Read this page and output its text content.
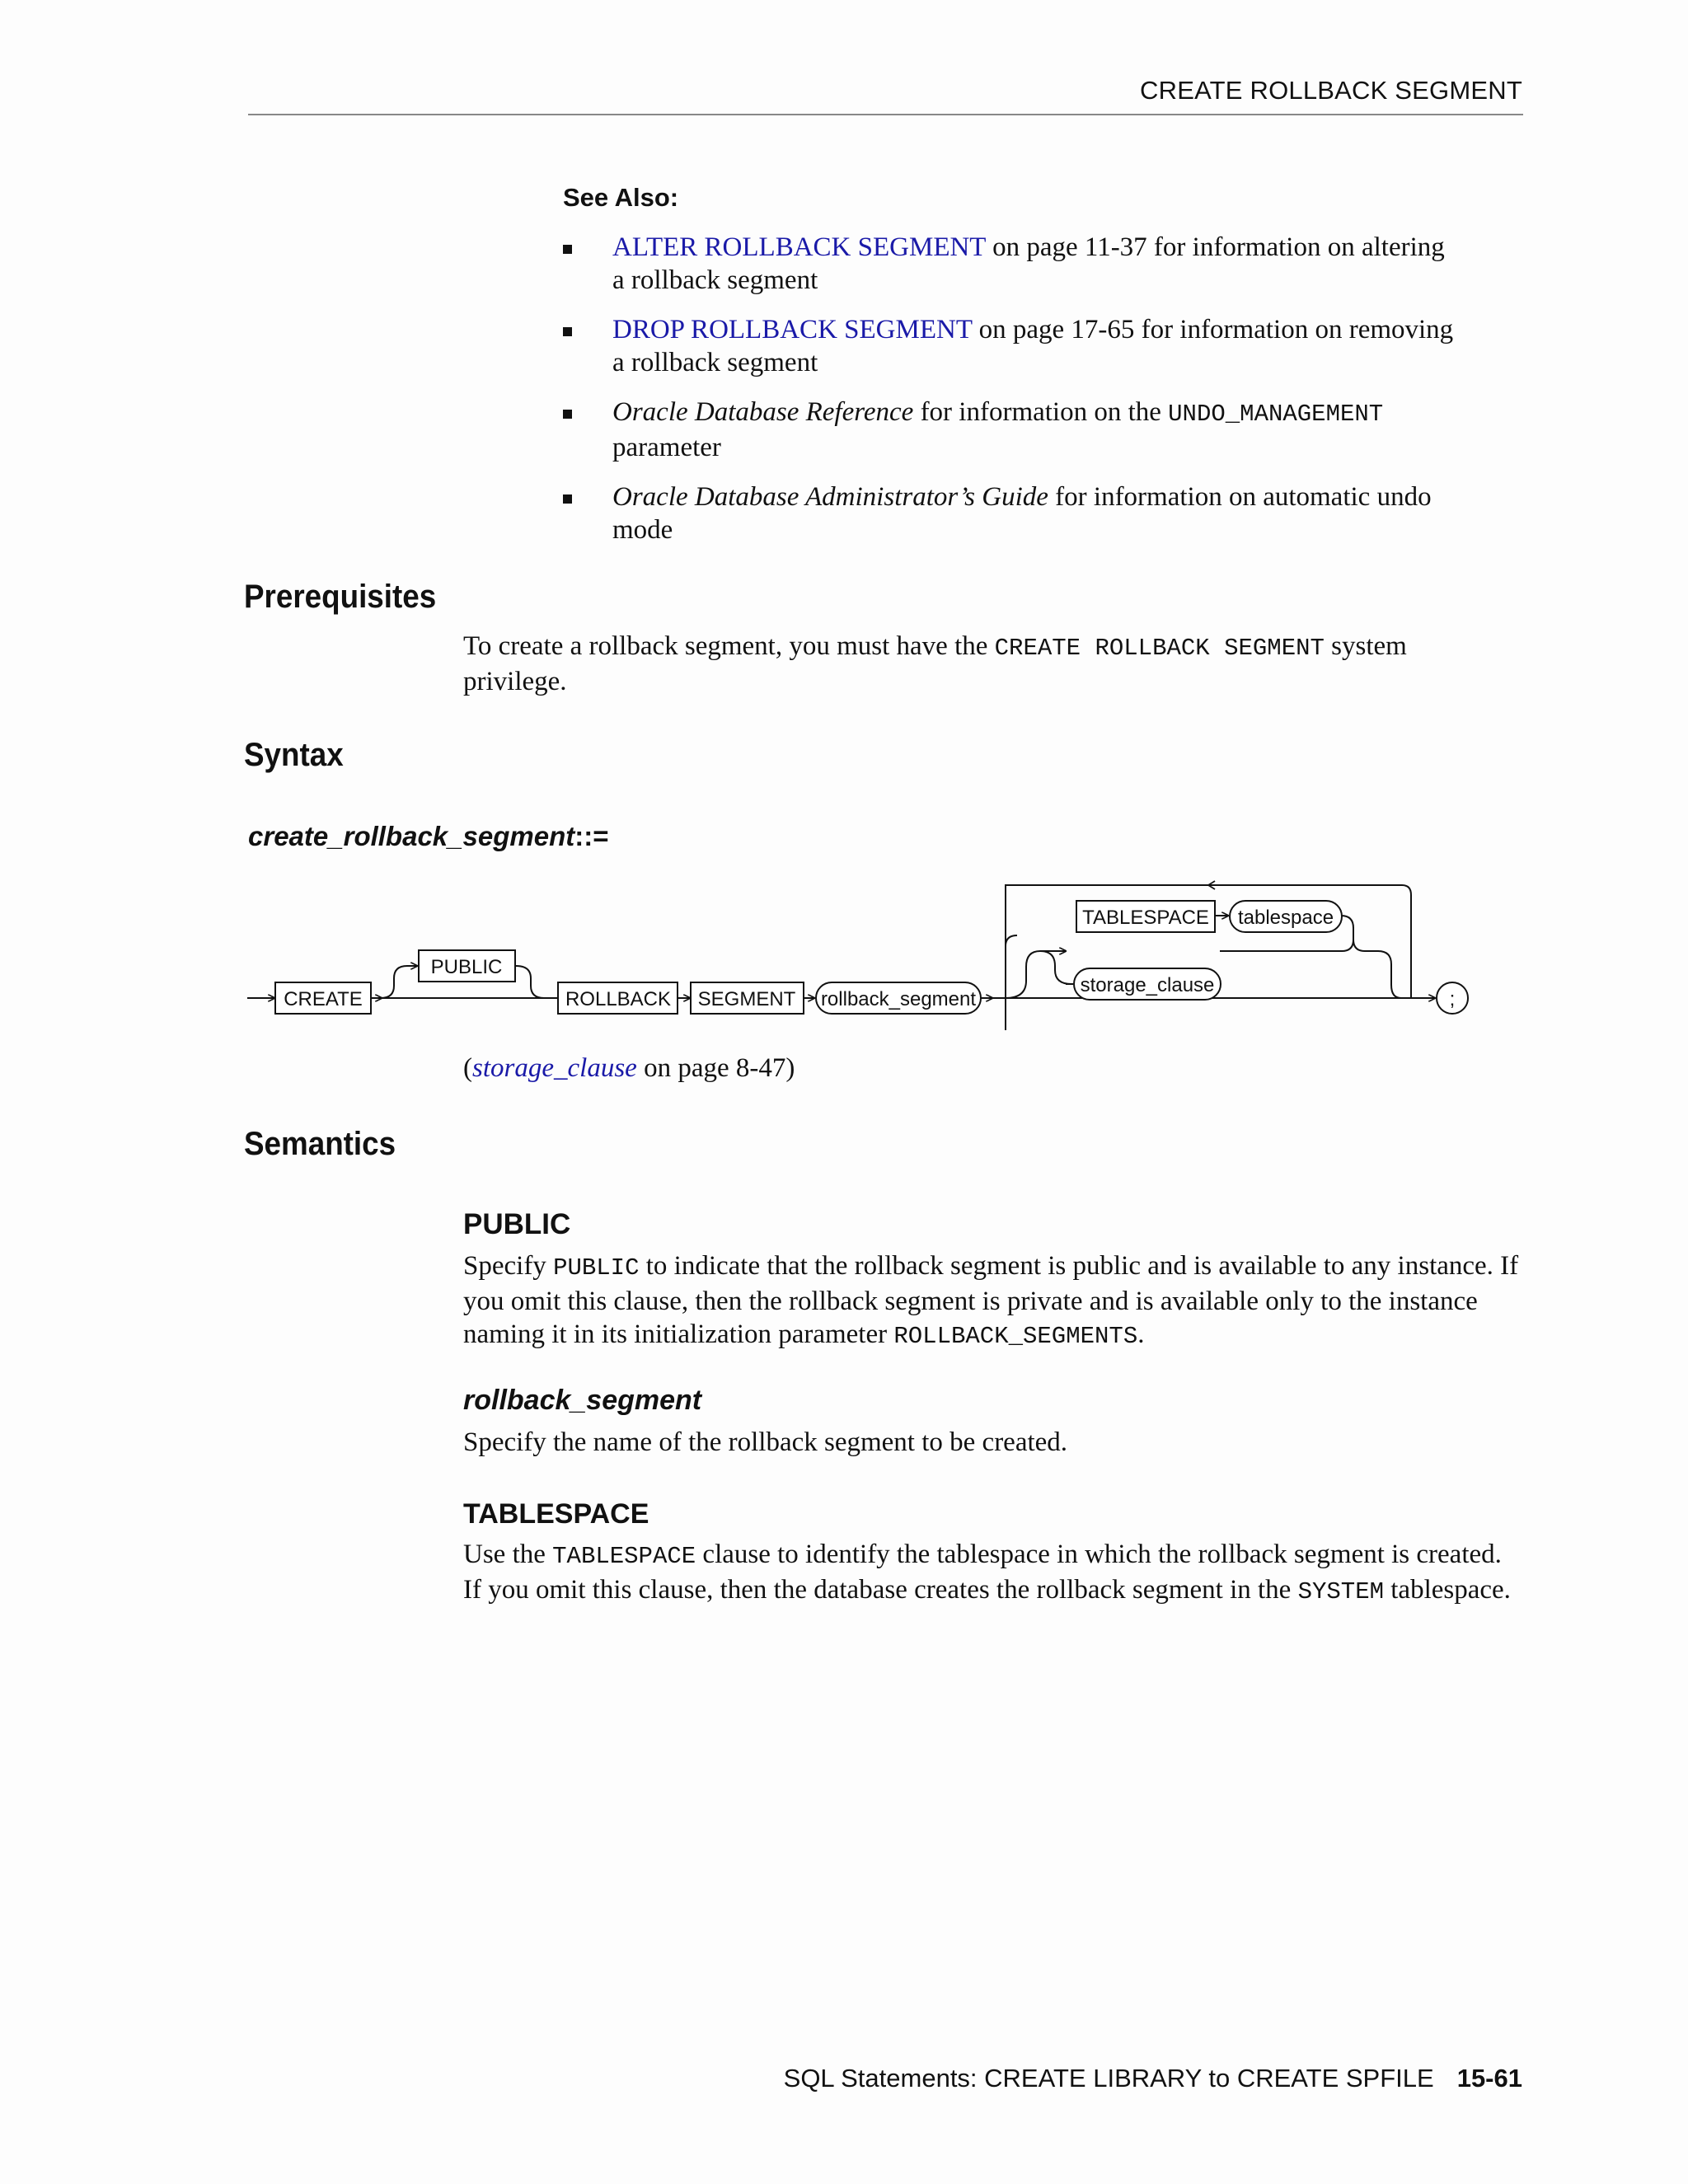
CREATE ROLLBACK SEGMENT
See Also:
ALTER ROLLBACK SEGMENT on page 11-37 for information on altering a rollback segment
DROP ROLLBACK SEGMENT on page 17-65 for information on removing a rollback segment
Oracle Database Reference for information on the UNDO_MANAGEMENT parameter
Oracle Database Administrator’s Guide for information on automatic undo mode
Prerequisites
To create a rollback segment, you must have the CREATE ROLLBACK SEGMENT system privilege.
Syntax
create_rollback_segment::=
CREATE
PUBLIC
ROLLBACK SEGMENT rollback_segment
TABLESPACE tablespace
storage_clause
;
(storage_clause on page 8-47)
Semantics
PUBLIC
Specify PUBLIC to indicate that the rollback segment is public and is available to any instance. If you omit this clause, then the rollback segment is private and is available only to the instance naming it in its initialization parameter ROLLBACK_SEGMENTS.
rollback_segment
Specify the name of the rollback segment to be created.
TABLESPACE
Use the TABLESPACE clause to identify the tablespace in which the rollback segment is created. If you omit this clause, then the database creates the rollback segment in the SYSTEM tablespace.
SQL Statements: CREATE LIBRARY to CREATE SPFILE 15-61
